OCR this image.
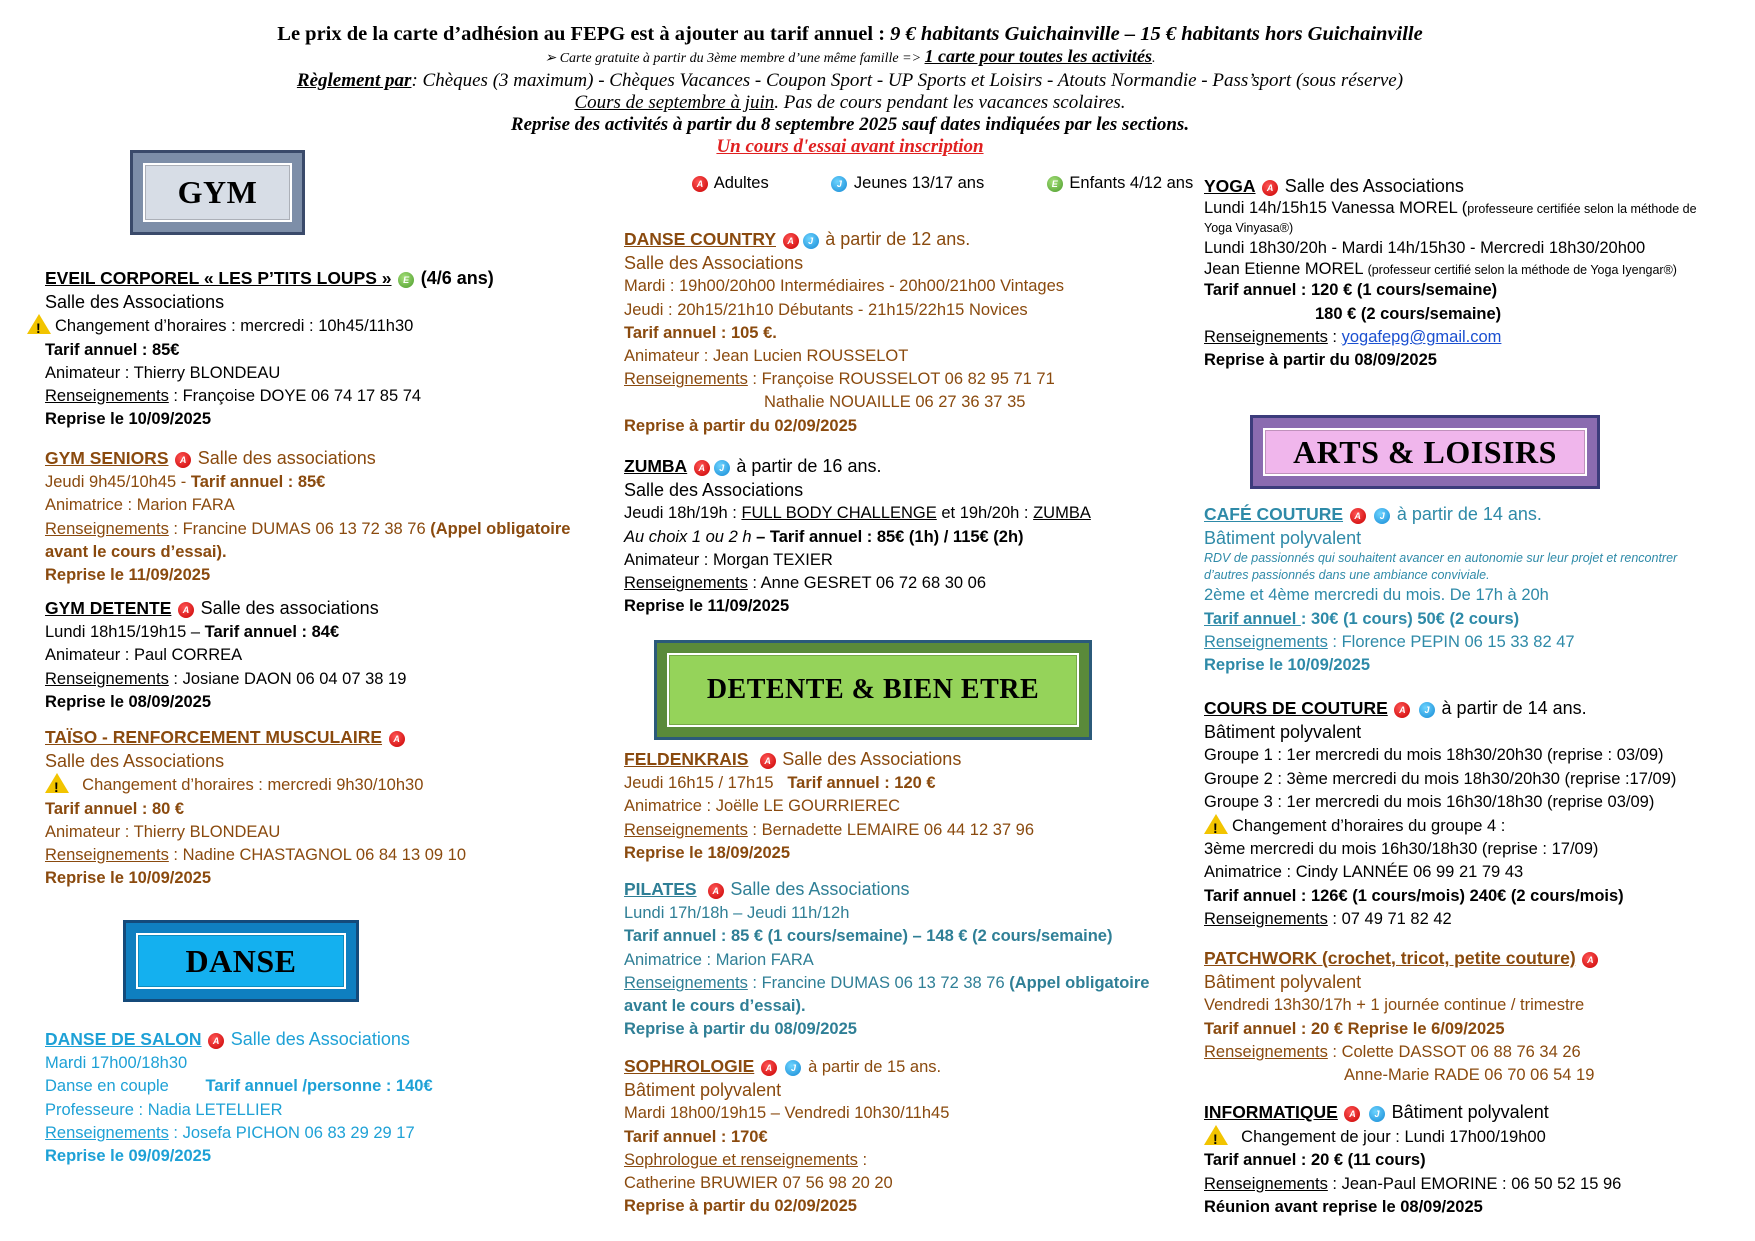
Le prix de la carte d’adhésion au FEPG est à ajouter au tarif annuel : 9 € habitants Guichainville – 15 € habitants hors Guichainville
➢ Carte gratuite à partir du 3ème membre d’une même famille => 1 carte pour toutes les activités.
Règlement par: Chèques (3 maximum) - Chèques Vacances - Coupon Sport - UP Sports et Loisirs - Atouts Normandie - Pass’sport (sous réserve)
Cours de septembre à juin. Pas de cours pendant les vacances scolaires.
Reprise des activités à partir du 8 septembre 2025 sauf dates indiquées par les sections.
Un cours d'essai avant inscription
A Adultes	J Jeunes 13/17 ans	E Enfants 4/12 ans
GYM
DANSE
DETENTE & BIEN ETRE
ARTS & LOISIRS
EVEIL CORPOREL « LES P’TITS LOUPS » E (4/6 ans)
Salle des Associations
!Changement d’horaires : mercredi : 10h45/11h30
Tarif annuel : 85€
Animateur : Thierry BLONDEAU
Renseignements : Françoise DOYE 06 74 17 85 74
Reprise le 10/09/2025
GYM SENIORS A Salle des associations
Jeudi 9h45/10h45 - Tarif annuel : 85€
Animatrice : Marion FARA
Renseignements : Francine DUMAS 06 13 72 38 76 (Appel obligatoire
avant le cours d’essai).
Reprise le 11/09/2025
GYM DETENTE A Salle des associations
Lundi 18h15/19h15 – Tarif annuel : 84€
Animateur : Paul CORREA
Renseignements : Josiane DAON 06 04 07 38 19
Reprise le 08/09/2025
TAÏSO - RENFORCEMENT MUSCULAIRE A
Salle des Associations
!  Changement d’horaires : mercredi 9h30/10h30
Tarif annuel : 80 €
Animateur : Thierry BLONDEAU
Renseignements : Nadine CHASTAGNOL 06 84 13 09 10
Reprise le 10/09/2025
DANSE DE SALON A Salle des Associations
Mardi 17h00/18h30
Danse en couple Tarif annuel /personne : 140€
Professeure : Nadia LETELLIER
Renseignements : Josefa PICHON 06 83 29 29 17
Reprise le 09/09/2025
DANSE COUNTRY A J à partir de 12 ans.
Salle des Associations
Mardi : 19h00/20h00 Intermédiaires - 20h00/21h00 Vintages
Jeudi : 20h15/21h10 Débutants - 21h15/22h15 Novices
Tarif annuel : 105 €.
Animateur : Jean Lucien ROUSSELOT
Renseignements : Françoise ROUSSELOT 06 82 95 71 71
Nathalie NOUAILLE 06 27 36 37 35
Reprise à partir du 02/09/2025
ZUMBA A J à partir de 16 ans.
Salle des Associations
Jeudi 18h/19h : FULL BODY CHALLENGE et 19h/20h : ZUMBA
Au choix 1 ou 2 h – Tarif annuel : 85€ (1h) / 115€ (2h)
Animateur : Morgan TEXIER
Renseignements : Anne GESRET 06 72 68 30 06
Reprise le 11/09/2025
FELDENKRAIS A Salle des Associations
Jeudi 16h15 / 17h15 Tarif annuel : 120 €
Animatrice : Joëlle LE GOURRIEREC
Renseignements : Bernadette LEMAIRE 06 44 12 37 96
Reprise le 18/09/2025
PILATES A Salle des Associations
Lundi 17h/18h – Jeudi 11h/12h
Tarif annuel : 85 € (1 cours/semaine) – 148 € (2 cours/semaine)
Animatrice : Marion FARA
Renseignements : Francine DUMAS 06 13 72 38 76 (Appel obligatoire
avant le cours d’essai).
Reprise à partir du 08/09/2025
SOPHROLOGIE A J à partir de 15 ans.
Bâtiment polyvalent
Mardi 18h00/19h15 – Vendredi 10h30/11h45
Tarif annuel : 170€
Sophrologue et renseignements :
Catherine BRUWIER 07 56 98 20 20
Reprise à partir du 02/09/2025
YOGA A Salle des Associations
Lundi 14h/15h15 Vanessa MOREL (professeure certifiée selon la méthode de Yoga Vinyasa®)
Lundi 18h30/20h - Mardi 14h/15h30 - Mercredi 18h30/20h00
Jean Etienne MOREL (professeur certifié selon la méthode de Yoga Iyengar®)
Tarif annuel : 120 € (1 cours/semaine)
180 € (2 cours/semaine)
Renseignements : yogafepg@gmail.com
Reprise à partir du 08/09/2025
CAFÉ COUTURE A J à partir de 14 ans.
Bâtiment polyvalent
RDV de passionnés qui souhaitent avancer en autonomie sur leur projet et rencontrer d’autres passionnés dans une ambiance conviviale.
2ème et 4ème mercredi du mois. De 17h à 20h
Tarif annuel : 30€ (1 cours) 50€ (2 cours)
Renseignements : Florence PEPIN 06 15 33 82 47
Reprise le 10/09/2025
COURS DE COUTURE A J à partir de 14 ans.
Bâtiment polyvalent
Groupe 1 : 1er mercredi du mois 18h30/20h30 (reprise : 03/09)
Groupe 2 : 3ème mercredi du mois 18h30/20h30 (reprise :17/09)
Groupe 3 : 1er mercredi du mois 16h30/18h30 (reprise 03/09)
!Changement d’horaires du groupe 4 :
3ème mercredi du mois 16h30/18h30 (reprise : 17/09)
Animatrice : Cindy LANNÉE 06 99 21 79 43
Tarif annuel : 126€ (1 cours/mois) 240€ (2 cours/mois)
Renseignements : 07 49 71 82 42
PATCHWORK (crochet, tricot, petite couture) A
Bâtiment polyvalent
Vendredi 13h30/17h + 1 journée continue / trimestre
Tarif annuel : 20 € Reprise le 6/09/2025
Renseignements : Colette DASSOT 06 88 76 34 26
Anne-Marie RADE 06 70 06 54 19
INFORMATIQUE A J Bâtiment polyvalent
!  Changement de jour : Lundi 17h00/19h00
Tarif annuel : 20 € (11 cours)
Renseignements : Jean-Paul EMORINE : 06 50 52 15 96
Réunion avant reprise le 08/09/2025
